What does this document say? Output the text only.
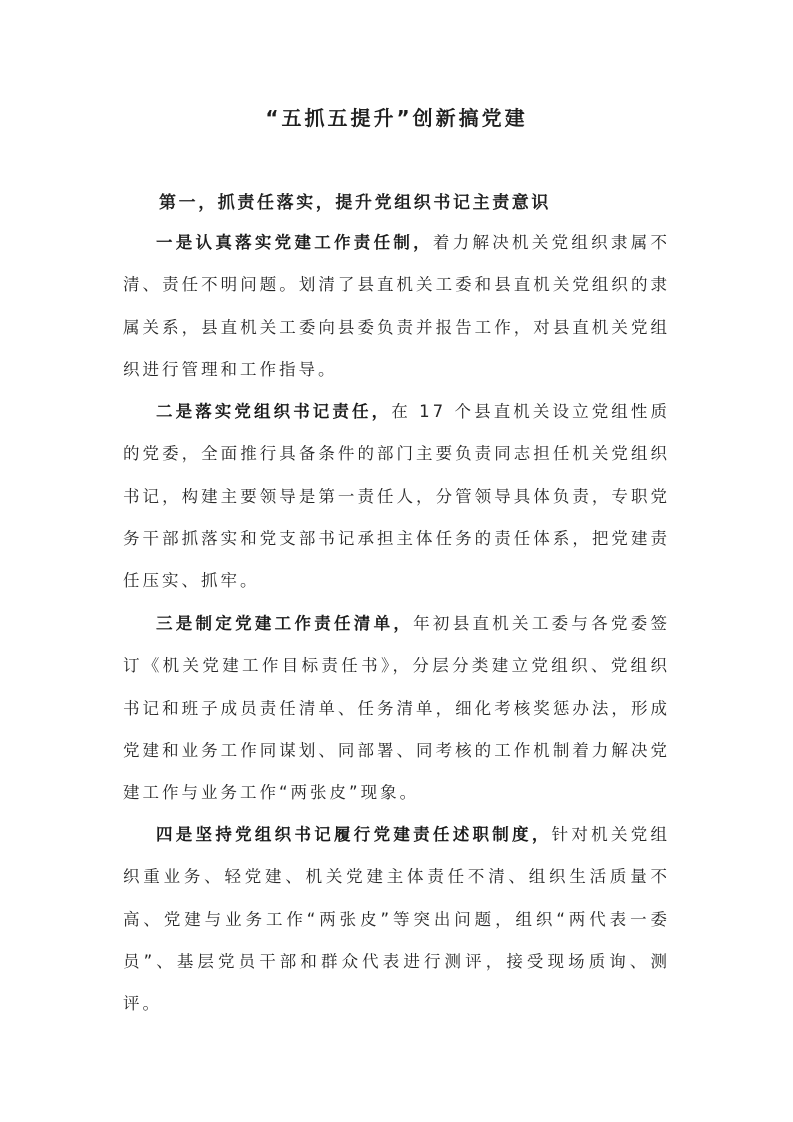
“五抓五提升”创新搞党建
第一，抓责任落实，提升党组织书记主责意识

一是认真落实党建工作责任制，着力解决机关党组织隶属不清、责任不明问题。划清了县直机关工委和县直机关党组织的隶属关系，县直机关工委向县委负责并报告工作，对县直机关党组织进行管理和工作指导。

二是落实党组织书记责任，在 17 个县直机关设立党组性质的党委，全面推行具备条件的部门主要负责同志担任机关党组织书记，构建主要领导是第一责任人，分管领导具体负责，专职党务干部抓落实和党支部书记承担主体任务的责任体系，把党建责任压实、抓牢。

三是制定党建工作责任清单，年初县直机关工委与各党委签订《机关党建工作目标责任书》，分层分类建立党组织、党组织书记和班子成员责任清单、任务清单，细化考核奖惩办法，形成党建和业务工作同谋划、同部署、同考核的工作机制着力解决党建工作与业务工作“两张皮”现象。

四是坚持党组织书记履行党建责任述职制度，针对机关党组织重业务、轻党建、机关党建主体责任不清、组织生活质量不高、党建与业务工作“两张皮”等突出问题，组织“两代表一委员”、基层党员干部和群众代表进行测评，接受现场质询、测评。
